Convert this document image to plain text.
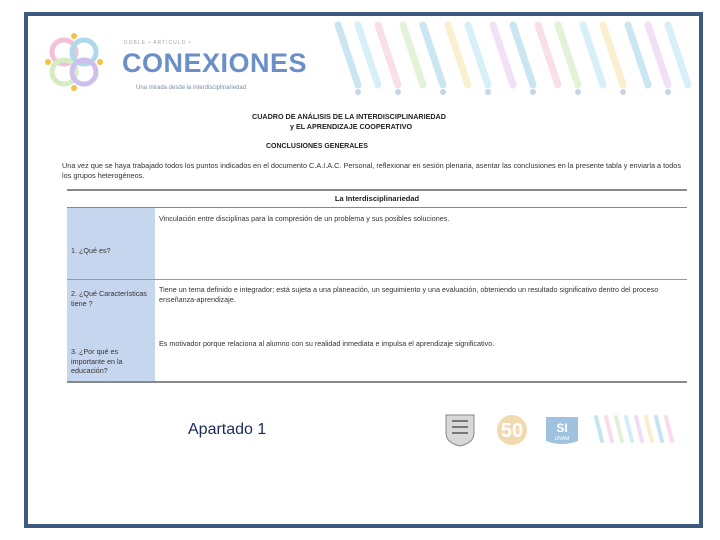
DOBLE • ARTÍCULO •
CONEXIONES
Una mirada desde la interdisciplinariedad
CUADRO DE ANÁLISIS DE LA INTERDISCIPLINARIEDAD
y EL APRENDIZAJE COOPERATIVO
CONCLUSIONES GENERALES
Una vez que se haya trabajado todos los puntos indicados en el documento C.A.I.A.C. Personal, reflexionar en sesión plenaria, asentar las conclusiones en la presente tabla y enviarla a todos los grupos heterogéneos.
La Interdisciplinariedad
Vinculación entre disciplinas para la compresión de un problema y sus posibles soluciones.
1. ¿Qué es?
Tiene un tema definido e integrador; está sujeta a una planeación, un seguimiento y una evaluación, obteniendo un resultado significativo dentro del proceso enseñanza-aprendizaje.
2. ¿Qué Características tiene ?
Es motivador porque relaciona al alumno con su realidad inmediata e impulsa el aprendizaje significativo.
3. ¿Por qué es importante en la educación?
Apartado 1	50	SI
UNAM
